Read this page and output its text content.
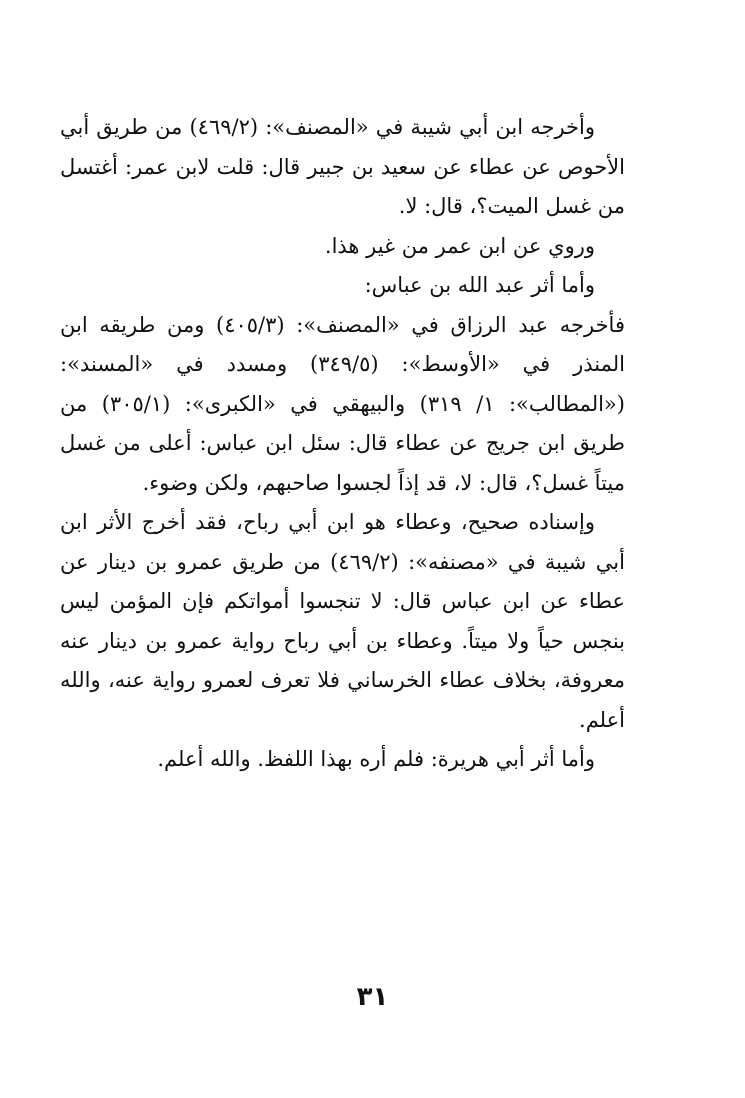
وأخرجه ابن أبي شيبة في «المصنف»: (٤٦٩/٢) من طريق أبي الأحوص عن عطاء عن سعيد بن جبير قال: قلت لابن عمر: أغتسل من غسل الميت؟، قال: لا.

وروي عن ابن عمر من غير هذا.

وأما أثر عبد الله بن عباس:

فأخرجه عبد الرزاق في «المصنف»: (٤٠٥/٣) ومن طريقه ابن المنذر في «الأوسط»: (٣٤٩/٥) ومسدد في «المسند»: («المطالب»: ١/ ٣١٩) والبيهقي في «الكبرى»: (٣٠٥/١) من طريق ابن جريج عن عطاء قال: سئل ابن عباس: أعلى من غسل ميتاً غسل؟، قال: لا، قد إذاً لجسوا صاحبهم، ولكن وضوء.

وإسناده صحيح، وعطاء هو ابن أبي رباح، فقد أخرج الأثر ابن أبي شيبة في «مصنفه»: (٤٦٩/٢) من طريق عمرو بن دينار عن عطاء عن ابن عباس قال: لا تنجسوا أمواتكم فإن المؤمن ليس بنجس حياً ولا ميتاً. وعطاء بن أبي رباح رواية عمرو بن دينار عنه معروفة، بخلاف عطاء الخرساني فلا تعرف لعمرو رواية عنه، والله أعلم.

وأما أثر أبي هريرة: فلم أره بهذا اللفظ. والله أعلم.

٣١
